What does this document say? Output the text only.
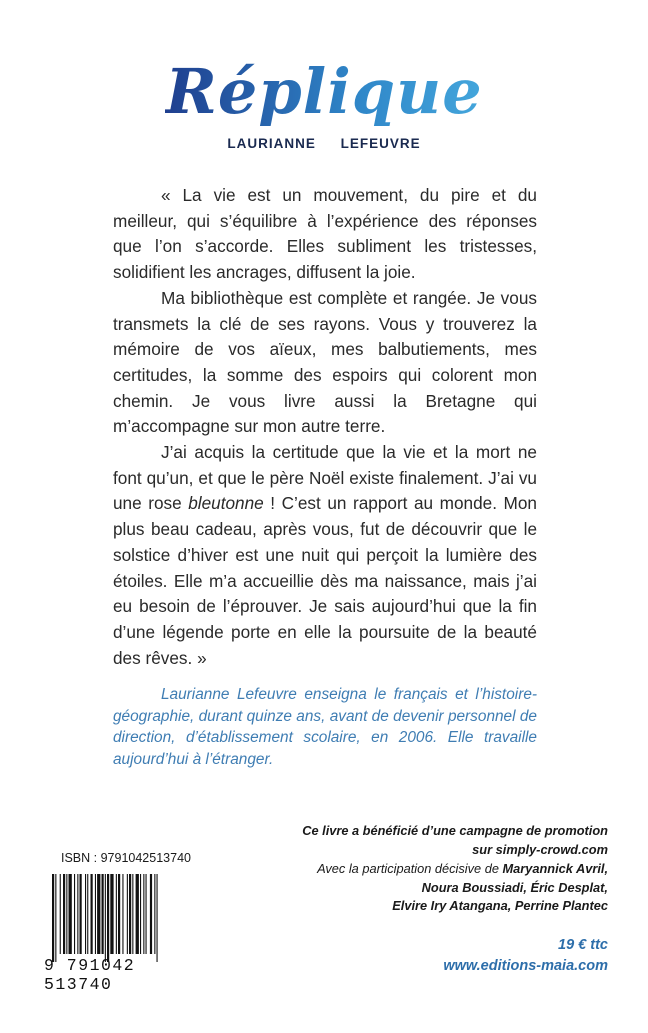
Réplique
LAURIANNE LEFEUVRE

« La vie est un mouvement, du pire et du meilleur, qui s’équilibre à l’expérience des réponses que l’on s’accorde. Elles subliment les tristesses, solidifient les ancrages, diffusent la joie.

Ma bibliothèque est complète et rangée. Je vous transmets la clé de ses rayons. Vous y trouverez la mémoire de vos aïeux, mes balbutiements, mes certitudes, la somme des espoirs qui colorent mon chemin. Je vous livre aussi la Bretagne qui m’accompagne sur mon autre terre.

J’ai acquis la certitude que la vie et la mort ne font qu’un, et que le père Noël existe finalement. J’ai vu une rose bleutonne ! C’est un rapport au monde. Mon plus beau cadeau, après vous, fut de découvrir que le solstice d’hiver est une nuit qui perçoit la lumière des étoiles. Elle m’a accueillie dès ma naissance, mais j’ai eu besoin de l’éprouver. Je sais aujourd’hui que la fin d’une légende porte en elle la poursuite de la beauté des rêves. »

Laurianne Lefeuvre enseigna le français et l’histoire-géographie, durant quinze ans, avant de devenir personnel de direction, d’établissement scolaire, en 2006. Elle travaille aujourd’hui à l’étranger.
Ce livre a bénéficié d’une campagne de promotion
sur simply-crowd.com
Avec la participation décisive de Maryannick Avril,
Noura Boussiadi, Éric Desplat,
Elvire Iry Atangana, Perrine Plantec
19 € ttc
www.editions-maia.com
ISBN : 9791042513740
9 791042 513740
